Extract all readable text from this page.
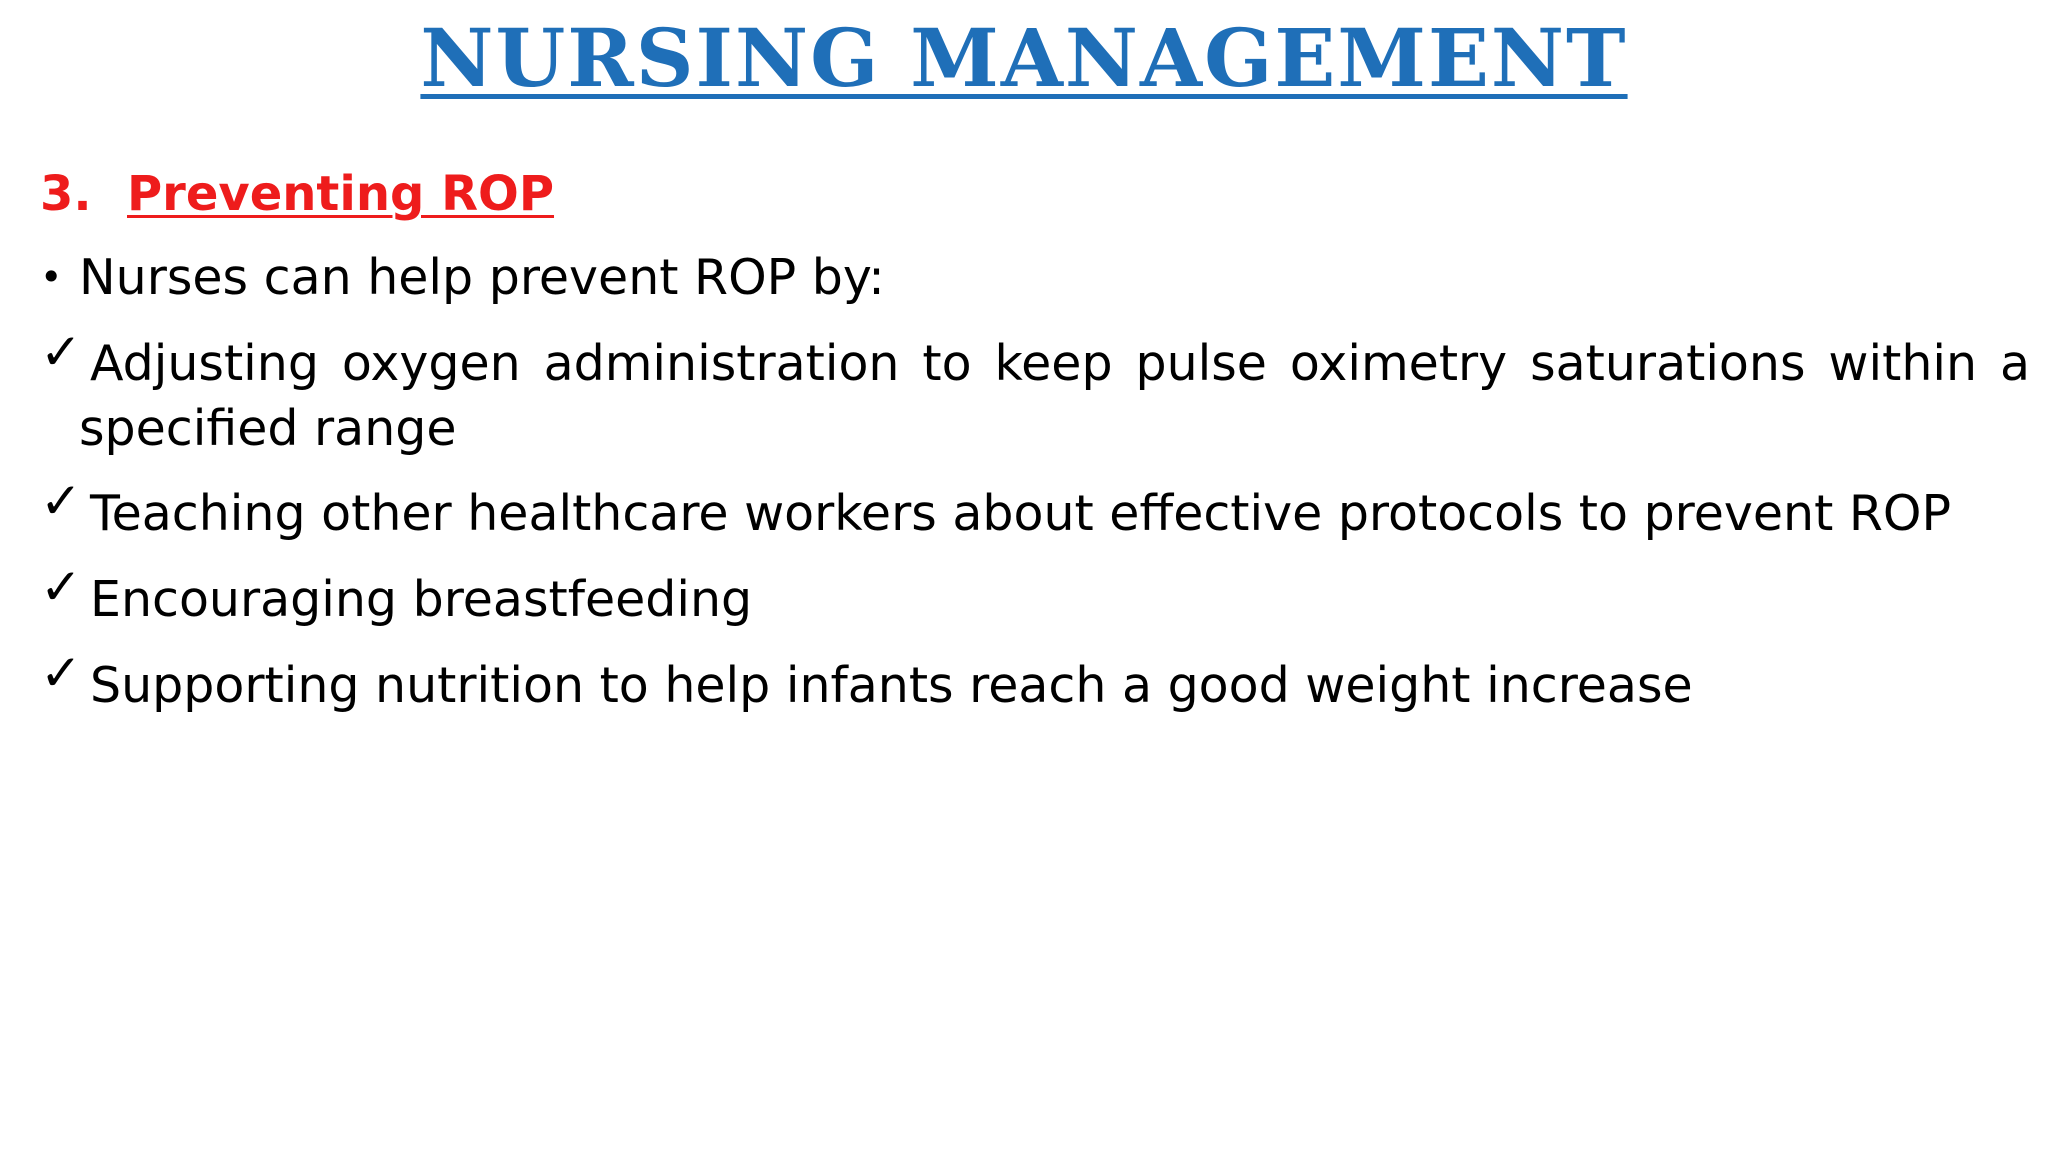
NURSING MANAGEMENT
3. Preventing ROP
• Nurses can help prevent ROP by:
✓ Adjusting oxygen administration to keep pulse oximetry saturations within a specified range
✓ Teaching other healthcare workers about effective protocols to prevent ROP
✓ Encouraging breastfeeding
✓ Supporting nutrition to help infants reach a good weight increase
